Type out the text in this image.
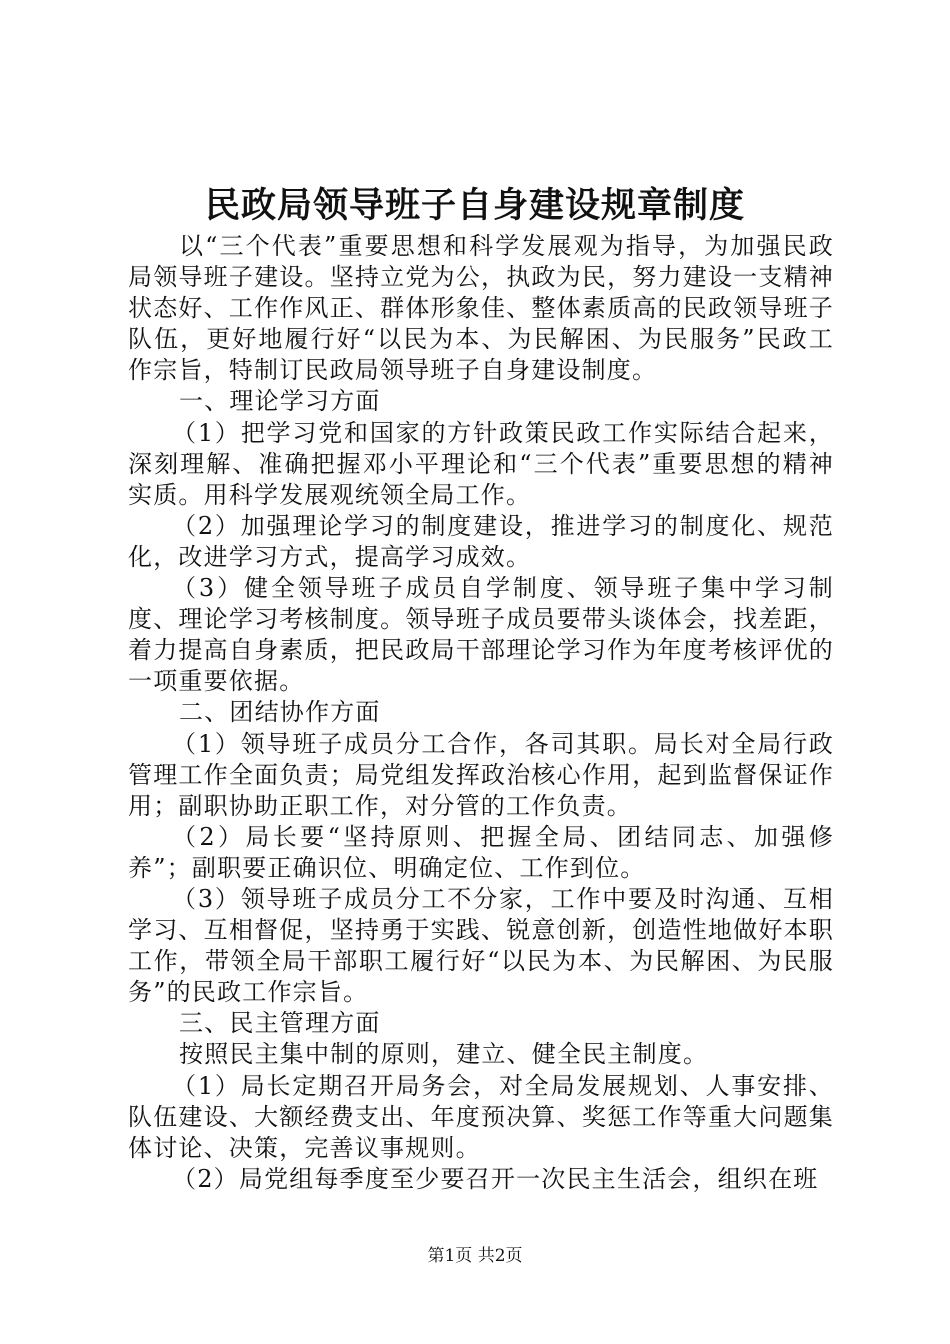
民政局领导班子自身建设规章制度

以“三个代表”重要思想和科学发展观为指导，为加强民政局领导班子建设。坚持立党为公，执政为民，努力建设一支精神状态好、工作作风正、群体形象佳、整体素质高的民政领导班子队伍，更好地履行好“以民为本、为民解困、为民服务”民政工作宗旨，特制订民政局领导班子自身建设制度。

一、理论学习方面

（1）把学习党和国家的方针政策民政工作实际结合起来，深刻理解、准确把握邓小平理论和“三个代表”重要思想的精神实质。用科学发展观统领全局工作。

（2）加强理论学习的制度建设，推进学习的制度化、规范化，改进学习方式，提高学习成效。

（3）健全领导班子成员自学制度、领导班子集中学习制度、理论学习考核制度。领导班子成员要带头谈体会，找差距，着力提高自身素质，把民政局干部理论学习作为年度考核评优的一项重要依据。

二、团结协作方面

（1）领导班子成员分工合作，各司其职。局长对全局行政管理工作全面负责；局党组发挥政治核心作用，起到监督保证作用；副职协助正职工作，对分管的工作负责。

（2）局长要“坚持原则、把握全局、团结同志、加强修养”；副职要正确识位、明确定位、工作到位。

（3）领导班子成员分工不分家，工作中要及时沟通、互相学习、互相督促，坚持勇于实践、锐意创新，创造性地做好本职工作，带领全局干部职工履行好“以民为本、为民解困、为民服务”的民政工作宗旨。

三、民主管理方面

按照民主集中制的原则，建立、健全民主制度。

（1）局长定期召开局务会，对全局发展规划、人事安排、队伍建设、大额经费支出、年度预决算、奖惩工作等重大问题集体讨论、决策，完善议事规则。

（2）局党组每季度至少要召开一次民主生活会，组织在班

第1页 共2页
